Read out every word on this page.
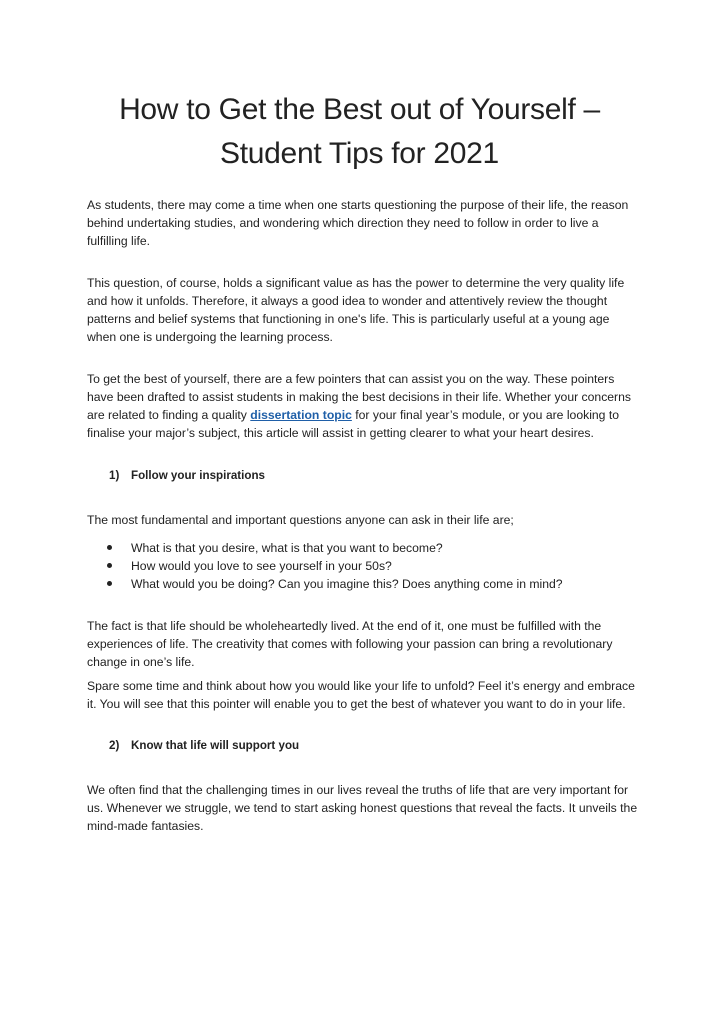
How to Get the Best out of Yourself –
Student Tips for 2021

As students, there may come a time when one starts questioning the purpose of their life, the reason behind undertaking studies, and wondering which direction they need to follow in order to live a fulfilling life.

This question, of course, holds a significant value as has the power to determine the very quality life and how it unfolds. Therefore, it always a good idea to wonder and attentively review the thought patterns and belief systems that functioning in one's life. This is particularly useful at a young age when one is undergoing the learning process.

To get the best of yourself, there are a few pointers that can assist you on the way. These pointers have been drafted to assist students in making the best decisions in their life. Whether your concerns are related to finding a quality dissertation topic for your final year’s module, or you are looking to finalise your major’s subject, this article will assist in getting clearer to what your heart desires.

1) Follow your inspirations

The most fundamental and important questions anyone can ask in their life are;

What is that you desire, what is that you want to become?
How would you love to see yourself in your 50s?
What would you be doing? Can you imagine this? Does anything come in mind?

The fact is that life should be wholeheartedly lived. At the end of it, one must be fulfilled with the experiences of life. The creativity that comes with following your passion can bring a revolutionary change in one’s life.

Spare some time and think about how you would like your life to unfold? Feel it’s energy and embrace it. You will see that this pointer will enable you to get the best of whatever you want to do in your life.

2) Know that life will support you

We often find that the challenging times in our lives reveal the truths of life that are very important for us. Whenever we struggle, we tend to start asking honest questions that reveal the facts. It unveils the mind-made fantasies.
